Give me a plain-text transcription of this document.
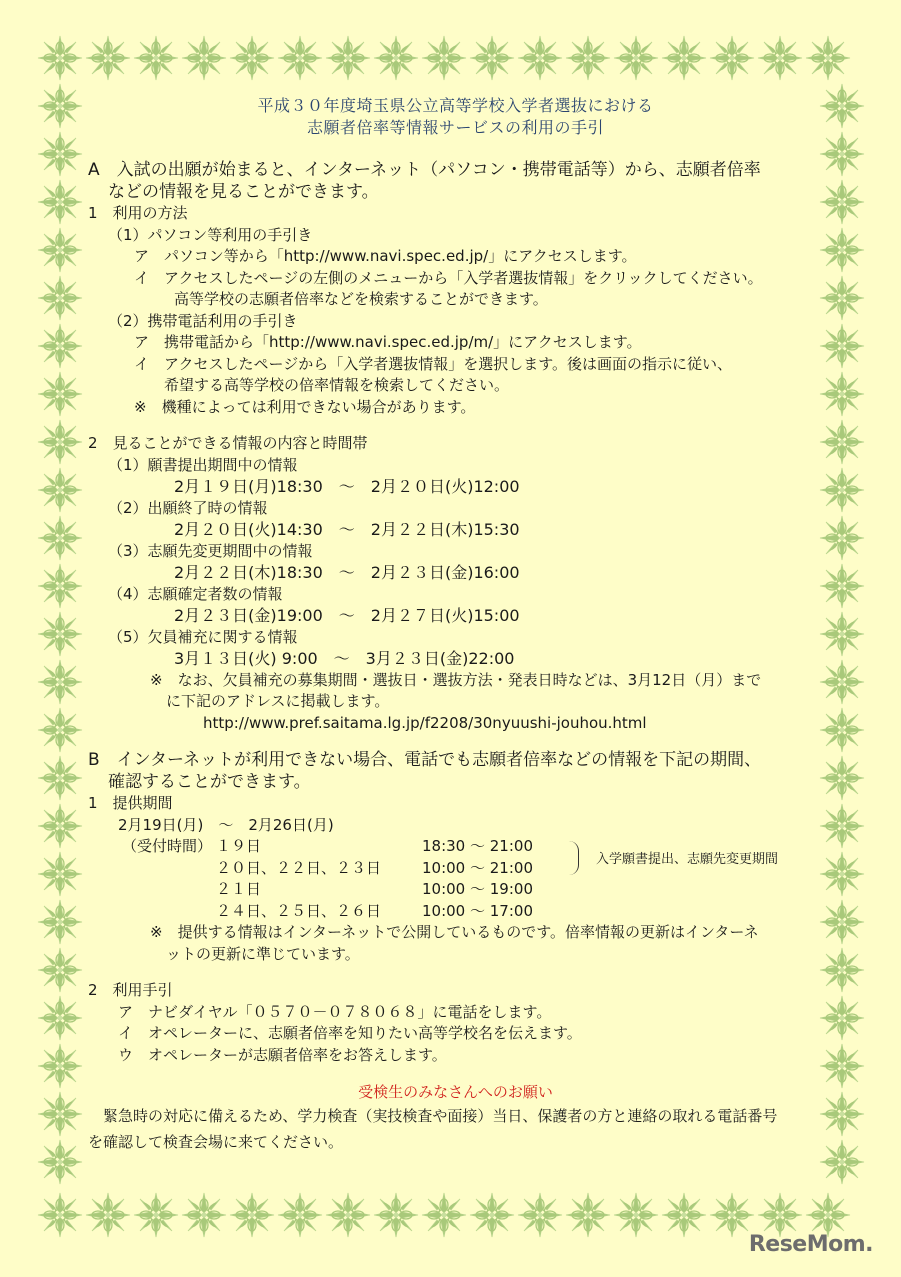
平成３０年度埼玉県公立高等学校入学者選抜における
志願者倍率等情報サービスの利用の手引
A　入試の出願が始まると、インターネット（パソコン・携帯電話等）から、志願者倍率
などの情報を見ることができます。
1　利用の方法
（1）パソコン等利用の手引き
ア　パソコン等から「http://www.navi.spec.ed.jp/」にアクセスします。
イ　アクセスしたページの左側のメニューから「入学者選抜情報」をクリックしてください。
高等学校の志願者倍率などを検索することができます。
（2）携帯電話利用の手引き
ア　携帯電話から「http://www.navi.spec.ed.jp/m/」にアクセスします。
イ　アクセスしたページから「入学者選抜情報」を選択します。後は画面の指示に従い、
希望する高等学校の倍率情報を検索してください。
※　機種によっては利用できない場合があります。
2　見ることができる情報の内容と時間帯
（1）願書提出期間中の情報
2月１９日(月)18:30　～　2月２０日(火)12:00
（2）出願終了時の情報
2月２０日(火)14:30　～　2月２２日(木)15:30
（3）志願先変更期間中の情報
2月２２日(木)18:30　～　2月２３日(金)16:00
（4）志願確定者数の情報
2月２３日(金)19:00　～　2月２７日(火)15:00
（5）欠員補充に関する情報
3月１３日(火) 9:00　～　3月２３日(金)22:00
※　なお、欠員補充の募集期間・選抜日・選抜方法・発表日時などは、3月12日（月）まで
に下記のアドレスに掲載します。
http://www.pref.saitama.lg.jp/f2208/30nyuushi-jouhou.html
B　インターネットが利用できない場合、電話でも志願者倍率などの情報を下記の期間、
確認することができます。
1　提供期間
2月19日(月)　～　2月26日(月)
（受付時間） １９日	18:30 ～ 21:00
２０日、２２日、２３日	10:00 ～ 21:00
２１日	10:00 ～ 19:00
２４日、２５日、２６日	10:00 ～ 17:00
入学願書提出、志願先変更期間
※　提供する情報はインターネットで公開しているものです。倍率情報の更新はインターネ
ットの更新に準じています。
2　利用手引
ア　ナビダイヤル「０５７０－０７８０６８」に電話をします。
イ　オペレーターに、志願者倍率を知りたい高等学校名を伝えます。
ウ　オペレーターが志願者倍率をお答えします。
受検生のみなさんへのお願い
　緊急時の対応に備えるため、学力検査（実技検査や面接）当日、保護者の方と連絡の取れる電話番号
を確認して検査会場に来てください。
ReseMom.
